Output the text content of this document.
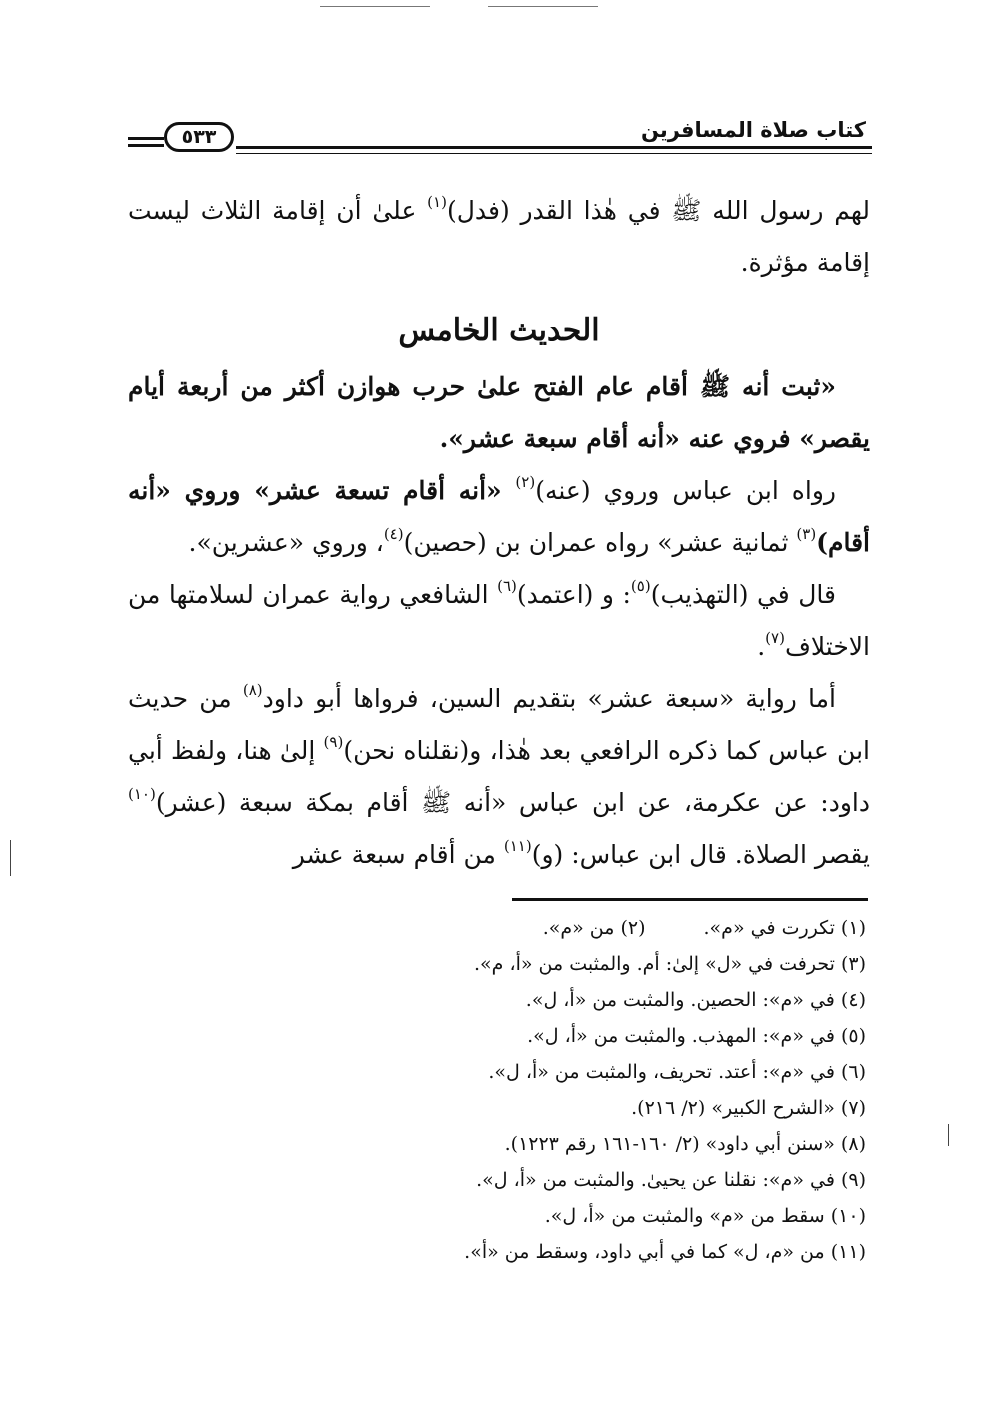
كتاب صلاة المسافرين
٥٣٣

لهم رسول الله ﷺ في هٰذا القدر (فدل)$^{(١)}$ علىٰ أن إقامة الثلاث ليست إقامة مؤثرة.

الحديث الخامس

«ثبت أنه ﷺ أقام عام الفتح علىٰ حرب هوازن أكثر من أربعة أيام يقصر» فروي عنه «أنه أقام سبعة عشر».

رواه ابن عباس وروي (عنه)$^{(٢)}$ «أنه أقام تسعة عشر» وروي «أنه أقام)$^{(٣)}$ ثمانية عشر» رواه عمران بن (حصين)$^{(٤)}$، وروي «عشرين».

قال في (التهذيب)$^{(٥)}$: و (اعتمد)$^{(٦)}$ الشافعي رواية عمران لسلامتها من الاختلاف$^{(٧)}$.

أما رواية «سبعة عشر» بتقديم السين، فرواها أبو داود$^{(٨)}$ من حديث ابن عباس كما ذكره الرافعي بعد هٰذا، و(نقلناه نحن)$^{(٩)}$ إلىٰ هنا، ولفظ أبي داود: عن عكرمة، عن ابن عباس «أنه ﷺ أقام بمكة سبعة (عشر)$^{(١٠)}$ يقصر الصلاة. قال ابن عباس: (و)$^{(١١)}$ من أقام سبعة عشر

(١) تكررت في «م».
(٢) من «م».
(٣) تحرفت في «ل» إلىٰ: أم. والمثبت من «أ، م».
(٤) في «م»: الحصين. والمثبت من «أ، ل».
(٥) في «م»: المهذب. والمثبت من «أ، ل».
(٦) في «م»: أعتد. تحريف، والمثبت من «أ، ل».
(٧) «الشرح الكبير» (٢/ ٢١٦).
(٨) «سنن أبي داود» (٢/ ١٦٠-١٦١ رقم ١٢٢٣).
(٩) في «م»: نقلنا عن يحيىٰ. والمثبت من «أ، ل».
(١٠) سقط من «م» والمثبت من «أ، ل».
(١١) من «م، ل» كما في أبي داود، وسقط من «أ».
